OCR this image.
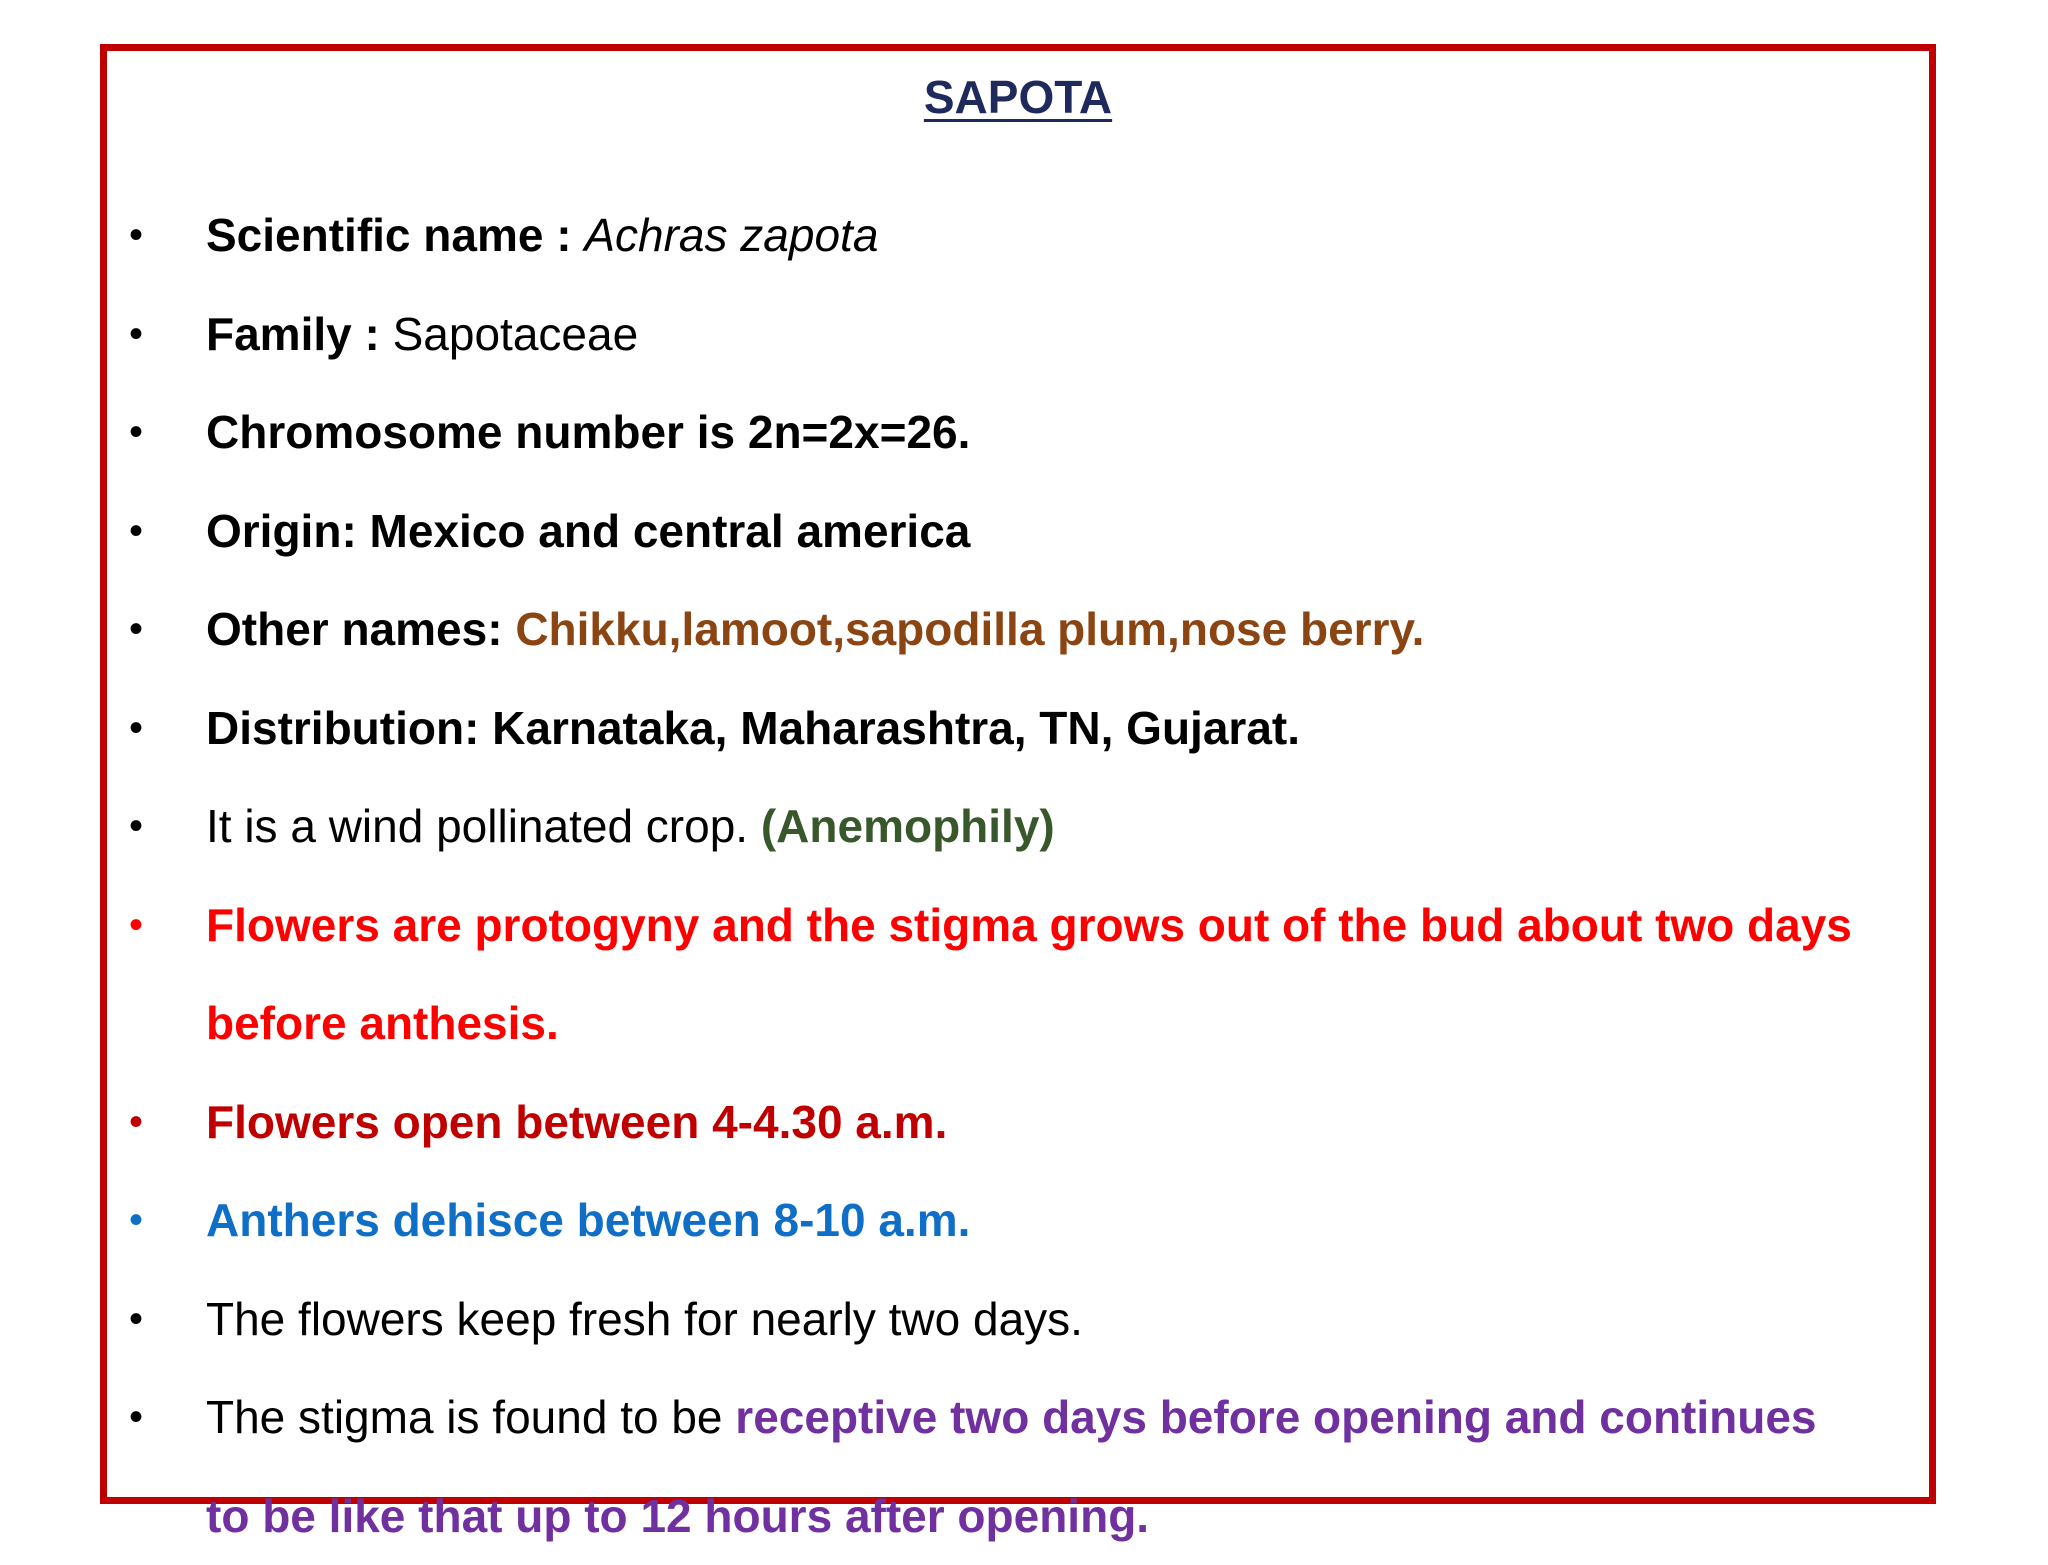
SAPOTA
•	Scientific name : Achras zapota
•	Family : Sapotaceae
•	Chromosome number is 2n=2x=26.
•	Origin: Mexico and central america
•	Other names: Chikku,lamoot,sapodilla plum,nose berry.
•	Distribution: Karnataka, Maharashtra, TN, Gujarat.
•	It is a wind pollinated crop. (Anemophily)
•	Flowers are protogyny and the stigma grows out of the bud about two days
before anthesis.
•	Flowers open between 4-4.30 a.m.
•	Anthers dehisce between 8-10 a.m.
•	The flowers keep fresh for nearly two days.
•	The stigma is found to be receptive two days before opening and continues
to be like that up to 12 hours after opening.
